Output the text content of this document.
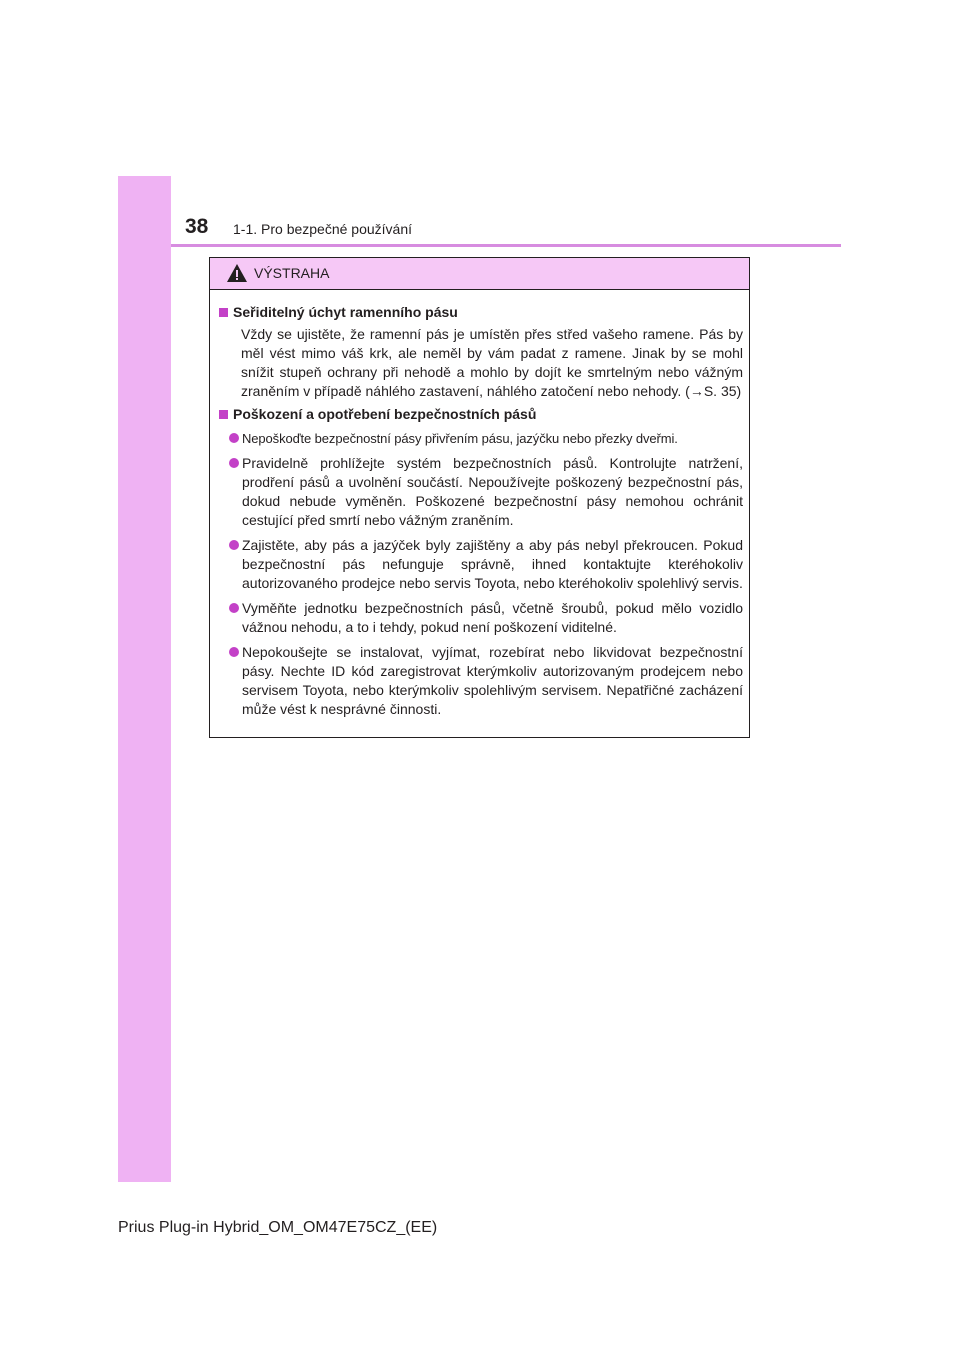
38 1-1. Pro bezpečné používání
VÝSTRAHA
Seřiditelný úchyt ramenního pásu
Vždy se ujistěte, že ramenní pás je umístěn přes střed vašeho ramene. Pás by měl vést mimo váš krk, ale neměl by vám padat z ramene. Jinak by se mohl snížit stupeň ochrany při nehodě a mohlo by dojít ke smrtelným nebo vážným zraněním v případě náhlého zastavení, náhlého zatočení nebo nehody. (→S. 35)
Poškození a opotřebení bezpečnostních pásů
Nepoškoďte bezpečnostní pásy přivřením pásu, jazýčku nebo přezky dveřmi.
Pravidelně prohlížejte systém bezpečnostních pásů. Kontrolujte natržení, prodření pásů a uvolnění součástí. Nepoužívejte poškozený bezpečnostní pás, dokud nebude vyměněn. Poškozené bezpečnostní pásy nemohou ochránit cestující před smrtí nebo vážným zraněním.
Zajistěte, aby pás a jazýček byly zajištěny a aby pás nebyl překroucen. Pokud bezpečnostní pás nefunguje správně, ihned kontaktujte kteréhokoliv autorizovaného prodejce nebo servis Toyota, nebo kteréhokoliv spolehlivý servis.
Vyměňte jednotku bezpečnostních pásů, včetně šroubů, pokud mělo vozidlo vážnou nehodu, a to i tehdy, pokud není poškození viditelné.
Nepokoušejte se instalovat, vyjímat, rozebírat nebo likvidovat bezpečnostní pásy. Nechte ID kód zaregistrovat kterýmkoliv autorizovaným prodejcem nebo servisem Toyota, nebo kterýmkoliv spolehlivým servisem. Nepatřičné zacházení může vést k nesprávné činnosti.
Prius Plug-in Hybrid_OM_OM47E75CZ_(EE)
